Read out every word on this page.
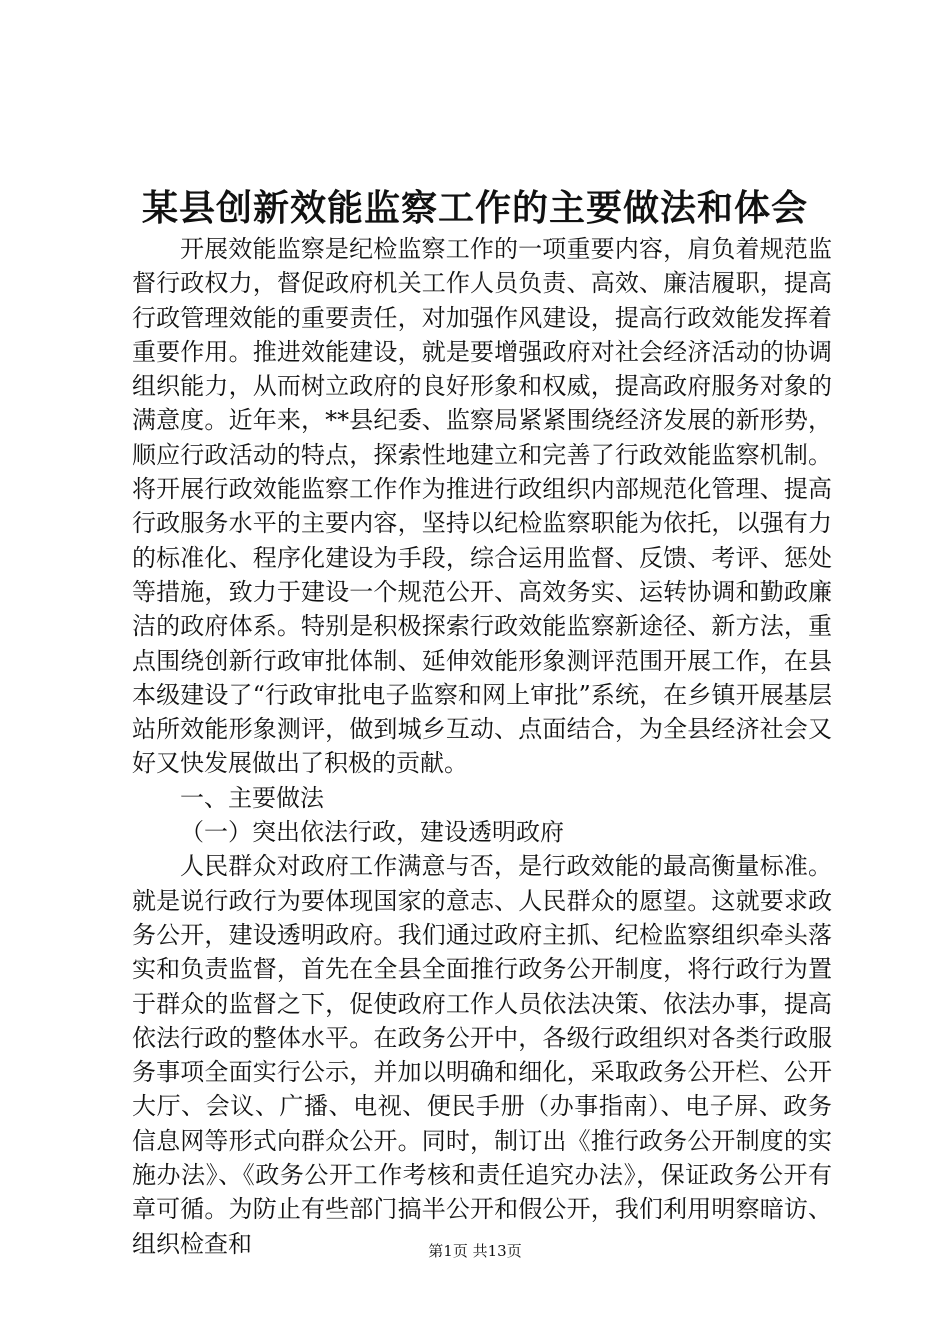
某县创新效能监察工作的主要做法和体会

开展效能监察是纪检监察工作的一项重要内容，肩负着规范监督行政权力，督促政府机关工作人员负责、高效、廉洁履职，提高行政管理效能的重要责任，对加强作风建设，提高行政效能发挥着重要作用。推进效能建设，就是要增强政府对社会经济活动的协调组织能力，从而树立政府的良好形象和权威，提高政府服务对象的满意度。近年来，**县纪委、监察局紧紧围绕经济发展的新形势，顺应行政活动的特点，探索性地建立和完善了行政效能监察机制。将开展行政效能监察工作作为推进行政组织内部规范化管理、提高行政服务水平的主要内容，坚持以纪检监察职能为依托，以强有力的标准化、程序化建设为手段，综合运用监督、反馈、考评、惩处等措施，致力于建设一个规范公开、高效务实、运转协调和勤政廉洁的政府体系。特别是积极探索行政效能监察新途径、新方法，重点围绕创新行政审批体制、延伸效能形象测评范围开展工作，在县本级建设了“行政审批电子监察和网上审批”系统，在乡镇开展基层站所效能形象测评，做到城乡互动、点面结合，为全县经济社会又好又快发展做出了积极的贡献。

一、主要做法

（一）突出依法行政，建设透明政府

人民群众对政府工作满意与否，是行政效能的最高衡量标准。就是说行政行为要体现国家的意志、人民群众的愿望。这就要求政务公开，建设透明政府。我们通过政府主抓、纪检监察组织牵头落实和负责监督，首先在全县全面推行政务公开制度，将行政行为置于群众的监督之下，促使政府工作人员依法决策、依法办事，提高依法行政的整体水平。在政务公开中，各级行政组织对各类行政服务事项全面实行公示，并加以明确和细化，采取政务公开栏、公开大厅、会议、广播、电视、便民手册（办事指南）、电子屏、政务信息网等形式向群众公开。同时，制订出《推行政务公开制度的实施办法》、《政务公开工作考核和责任追究办法》，保证政务公开有章可循。为防止有些部门搞半公开和假公开，我们利用明察暗访、组织检查和	第1页 共13页
